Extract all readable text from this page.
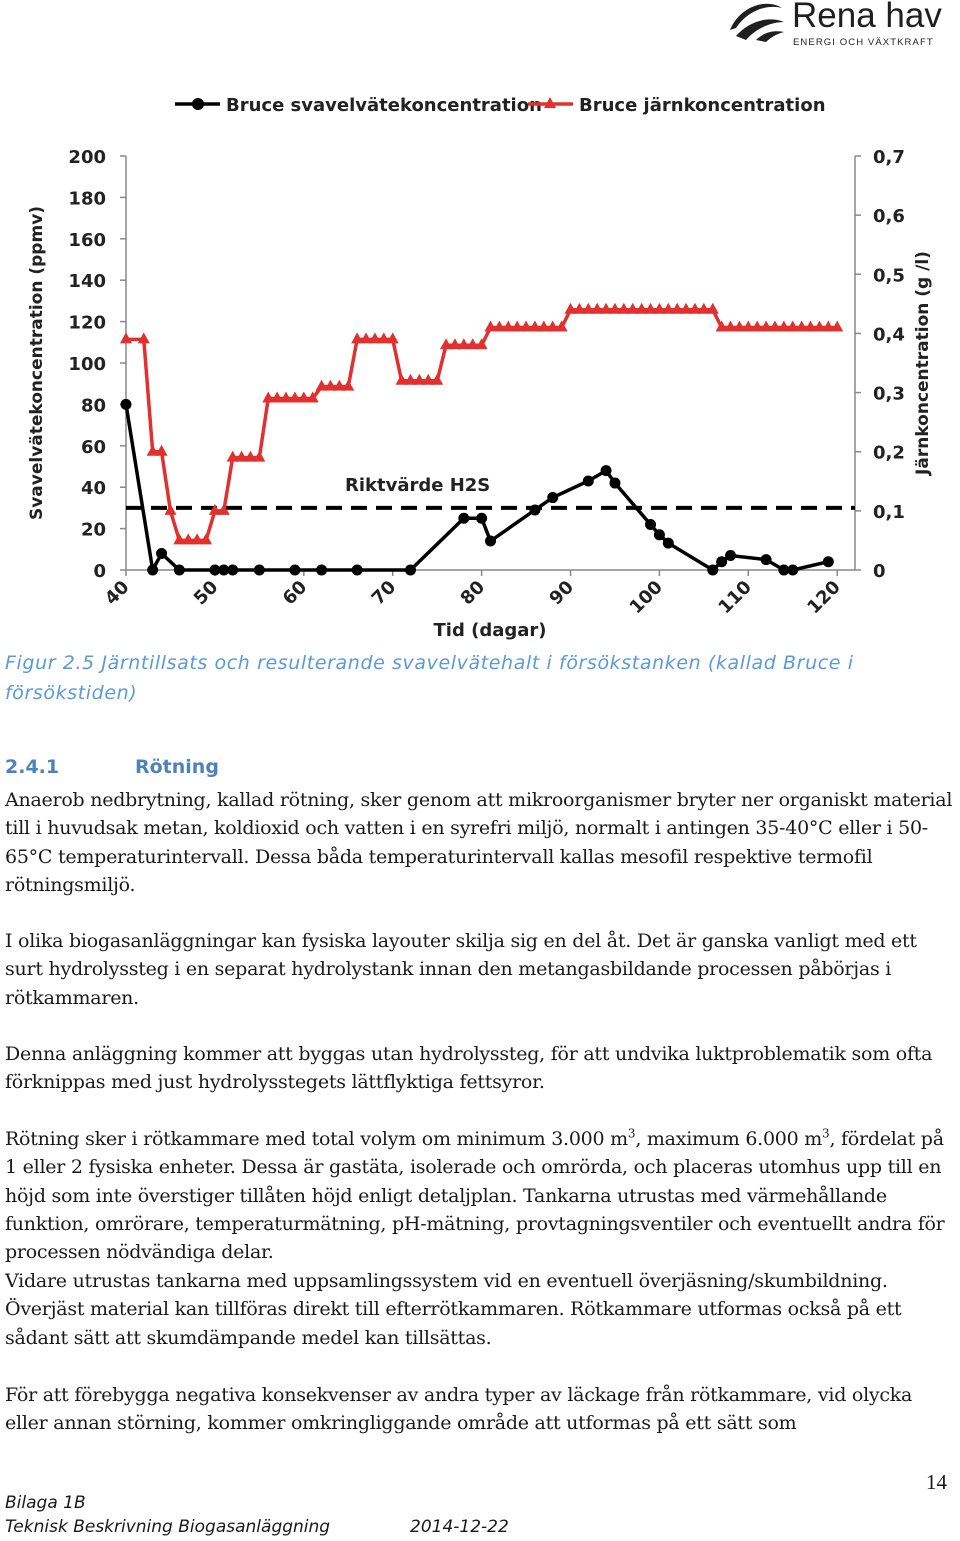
Rena hav
ENERGI OCH VÄXTKRAFT
0
20
40
60
80
100
120
140
160
180
200
0
0,1
0,2
0,3
0,4
0,5
0,6
0,7
40	50	60	70	80	90	100	110	120
Tid (dagar)
Svavelvätekoncentration (ppmv)	Järnkoncentration (g /l)
Riktvärde H2S
Bruce svavelvätekoncentration Bruce järnkoncentration
Figur 2.5 Järntillsats och resulterande svavelvätehalt i försökstanken (kallad Bruce i försökstiden)
2.4.1	Rötning
Anaerob nedbrytning, kallad rötning, sker genom att mikroorganismer bryter ner organiskt material till i huvudsak metan, koldioxid och vatten i en syrefri miljö, normalt i antingen 35-40°C eller i 50-65°C temperaturintervall. Dessa båda temperaturintervall kallas mesofil respektive termofil rötningsmiljö.
I olika biogasanläggningar kan fysiska layouter skilja sig en del åt. Det är ganska vanligt med ett surt hydrolyssteg i en separat hydrolystank innan den metangasbildande processen påbörjas i rötkammaren.
Denna anläggning kommer att byggas utan hydrolyssteg, för att undvika luktproblematik som ofta förknippas med just hydrolysstegets lättflyktiga fettsyror.
Rötning sker i rötkammare med total volym om minimum 3.000 $m^3$, maximum 6.000 $m^3$, fördelat på 1 eller 2 fysiska enheter. Dessa är gastäta, isolerade och omrörda, och placeras utomhus upp till en höjd som inte överstiger tillåten höjd enligt detaljplan. Tankarna utrustas med värmehållande funktion, omrörare, temperaturmätning, pH-mätning, provtagningsventiler och eventuellt andra för processen nödvändiga delar.
Vidare utrustas tankarna med uppsamlingssystem vid en eventuell överjäsning/skumbildning. Överjäst material kan tillföras direkt till efterrötkammaren. Rötkammare utformas också på ett sådant sätt att skumdämpande medel kan tillsättas.
För att förebygga negativa konsekvenser av andra typer av läckage från rötkammare, vid olycka eller annan störning, kommer omkringliggande område att utformas på ett sätt som
14
Bilaga 1B
Teknisk Beskrivning Biogasanläggning	2014-12-22
